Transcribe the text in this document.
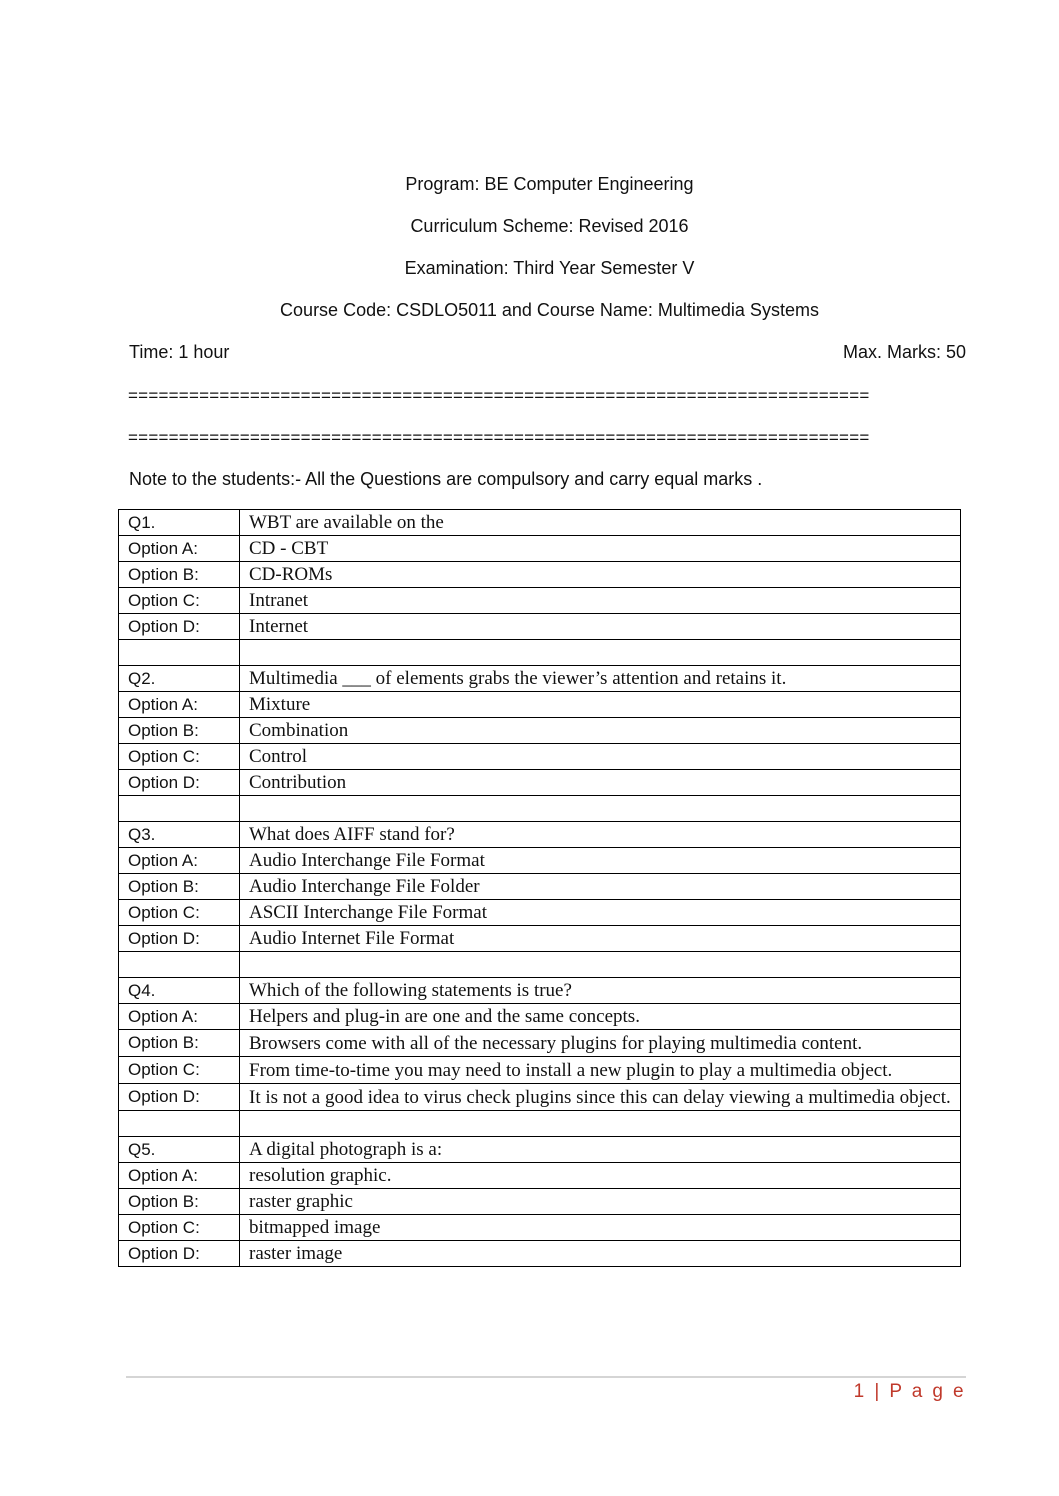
Program: BE Computer Engineering
Curriculum Scheme: Revised 2016
Examination: Third Year Semester V
Course Code: CSDLO5011 and Course Name: Multimedia Systems
Time: 1 hour	Max. Marks: 50
=========================================================================
=========================================================================
Note to the students:- All the Questions are compulsory and carry equal marks .
Q1.	WBT are available on the
Option A:	CD - CBT
Option B:	CD-ROMs
Option C:	Intranet
Option D:	Internet

Q2.	Multimedia ___ of elements grabs the viewer’s attention and retains it.
Option A:	Mixture
Option B:	Combination
Option C:	Control
Option D:	Contribution

Q3.	What does AIFF stand for?
Option A:	Audio Interchange File Format
Option B:	Audio Interchange File Folder
Option C:	ASCII Interchange File Format
Option D:	Audio Internet File Format

Q4.	Which of the following statements is true?
Option A:	Helpers and plug-in are one and the same concepts.
Option B:	Browsers come with all of the necessary plugins for playing multimedia content.
Option C:	From time-to-time you may need to install a new plugin to play a multimedia object.
Option D:	It is not a good idea to virus check plugins since this can delay viewing a multimedia object.

Q5.	A digital photograph is a:
Option A:	resolution graphic.
Option B:	raster graphic
Option C:	bitmapped image
Option D:	raster image
1 | P a g e
